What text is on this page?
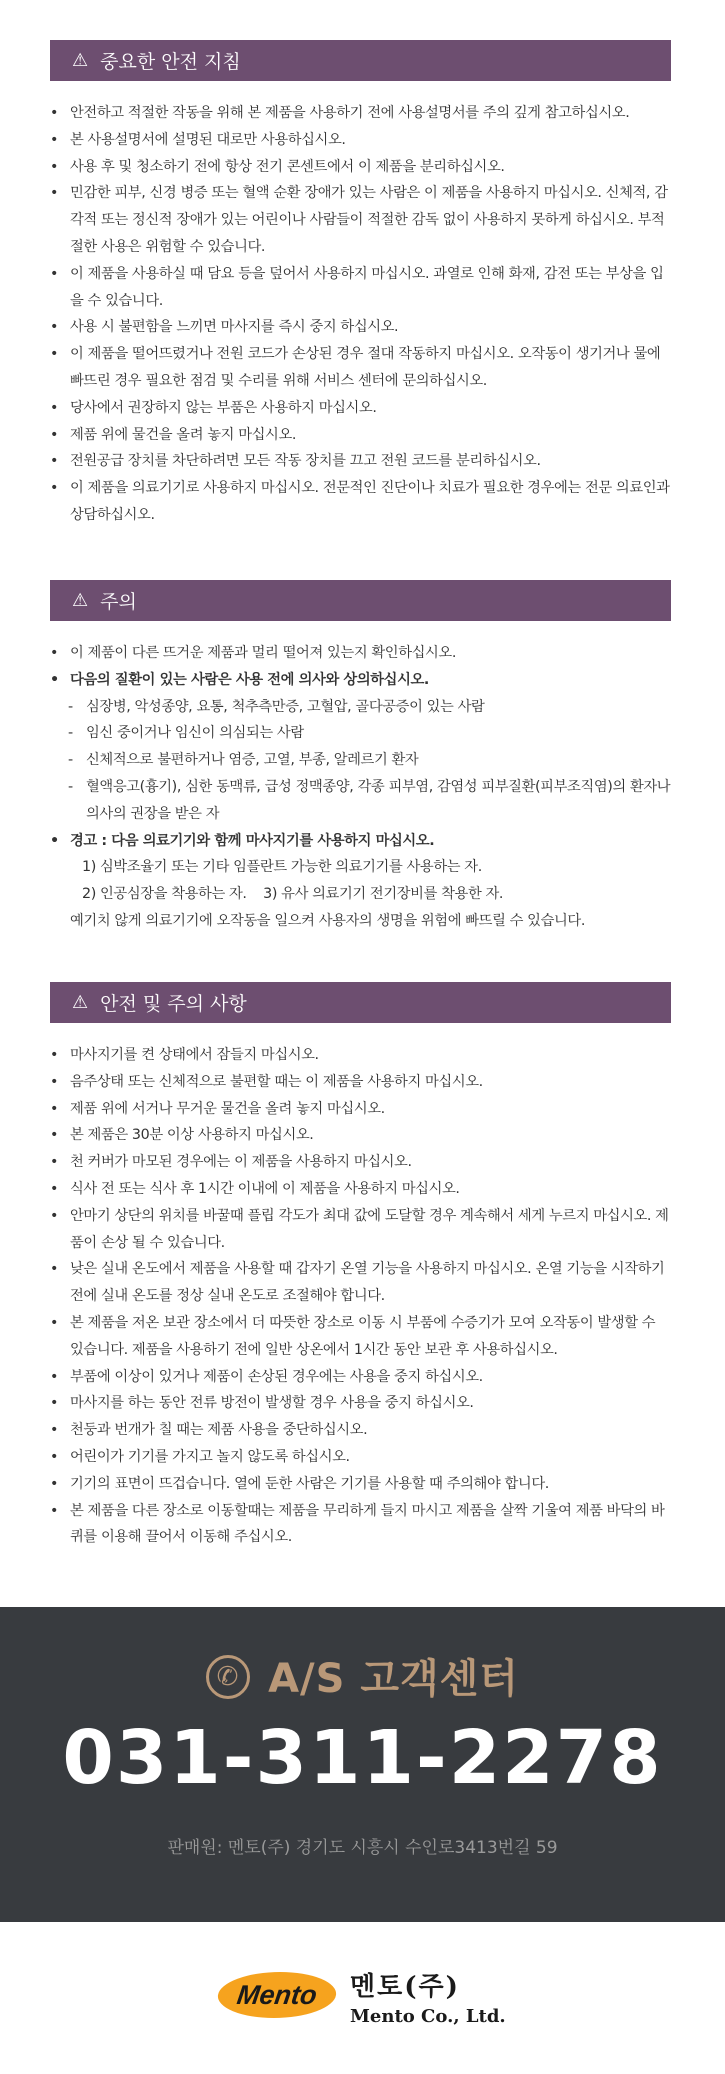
⚠ 중요한 안전 지침
• 안전하고 적절한 작동을 위해 본 제품을 사용하기 전에 사용설명서를 주의 깊게 참고하십시오.
• 본 사용설명서에 설명된 대로만 사용하십시오.
• 사용 후 및 청소하기 전에 항상 전기 콘센트에서 이 제품을 분리하십시오.
• 민감한 피부, 신경 병증 또는 혈액 순환 장애가 있는 사람은 이 제품을 사용하지 마십시오. 신체적, 감각적 또는 정신적 장애가 있는 어린이나 사람들이 적절한 감독 없이 사용하지 못하게 하십시오. 부적절한 사용은 위험할 수 있습니다.
• 이 제품을 사용하실 때 담요 등을 덮어서 사용하지 마십시오. 과열로 인해 화재, 감전 또는 부상을 입을 수 있습니다.
• 사용 시 불편함을 느끼면 마사지를 즉시 중지 하십시오.
• 이 제품을 떨어뜨렸거나 전원 코드가 손상된 경우 절대 작동하지 마십시오. 오작동이 생기거나 물에 빠뜨린 경우 필요한 점검 및 수리를 위해 서비스 센터에 문의하십시오.
• 당사에서 권장하지 않는 부품은 사용하지 마십시오.
• 제품 위에 물건을 올려 놓지 마십시오.
• 전원공급 장치를 차단하려면 모든 작동 장치를 끄고 전원 코드를 분리하십시오.
• 이 제품을 의료기기로 사용하지 마십시오. 전문적인 진단이나 치료가 필요한 경우에는 전문 의료인과 상담하십시오.
⚠ 주의
• 이 제품이 다른 뜨거운 제품과 멀리 떨어져 있는지 확인하십시오.
• 다음의 질환이 있는 사람은 사용 전에 의사와 상의하십시오.
- 심장병, 악성종양, 요통, 척추측만증, 고혈압, 골다공증이 있는 사람
- 임신 중이거나 임신이 의심되는 사람
- 신체적으로 불편하거나 염증, 고열, 부종, 알레르기 환자
- 혈액응고(흉기), 심한 동맥류, 급성 정맥종양, 각종 피부염, 감염성 피부질환(피부조직염)의 환자나 의사의 권장을 받은 자
• 경고 : 다음 의료기기와 함께 마사지기를 사용하지 마십시오.
1) 심박조율기 또는 기타 임플란트 가능한 의료기기를 사용하는 자.
2) 인공심장을 착용하는 자. 3) 유사 의료기기 전기장비를 착용한 자.
예기치 않게 의료기기에 오작동을 일으켜 사용자의 생명을 위험에 빠뜨릴 수 있습니다.
⚠ 안전 및 주의 사항
• 마사지기를 켠 상태에서 잠들지 마십시오.
• 음주상태 또는 신체적으로 불편할 때는 이 제품을 사용하지 마십시오.
• 제품 위에 서거나 무거운 물건을 올려 놓지 마십시오.
• 본 제품은 30분 이상 사용하지 마십시오.
• 천 커버가 마모된 경우에는 이 제품을 사용하지 마십시오.
• 식사 전 또는 식사 후 1시간 이내에 이 제품을 사용하지 마십시오.
• 안마기 상단의 위치를 바꿀때 플립 각도가 최대 값에 도달할 경우 계속해서 세게 누르지 마십시오. 제품이 손상 될 수 있습니다.
• 낮은 실내 온도에서 제품을 사용할 때 갑자기 온열 기능을 사용하지 마십시오. 온열 기능을 시작하기 전에 실내 온도를 정상 실내 온도로 조절해야 합니다.
• 본 제품을 저온 보관 장소에서 더 따뜻한 장소로 이동 시 부품에 수증기가 모여 오작동이 발생할 수 있습니다. 제품을 사용하기 전에 일반 상온에서 1시간 동안 보관 후 사용하십시오.
• 부품에 이상이 있거나 제품이 손상된 경우에는 사용을 중지 하십시오.
• 마사지를 하는 동안 전류 방전이 발생할 경우 사용을 중지 하십시오.
• 천둥과 번개가 칠 때는 제품 사용을 중단하십시오.
• 어린이가 기기를 가지고 놀지 않도록 하십시오.
• 기기의 표면이 뜨겁습니다. 열에 둔한 사람은 기기를 사용할 때 주의해야 합니다.
• 본 제품을 다른 장소로 이동할때는 제품을 무리하게 들지 마시고 제품을 살짝 기울여 제품 바닥의 바퀴를 이용해 끌어서 이동해 주십시오.
✆ A/S 고객센터
031-311-2278
판매원: 멘토(주) 경기도 시흥시 수인로3413번길 59
Mento	멘토(주)
Mento Co., Ltd.
